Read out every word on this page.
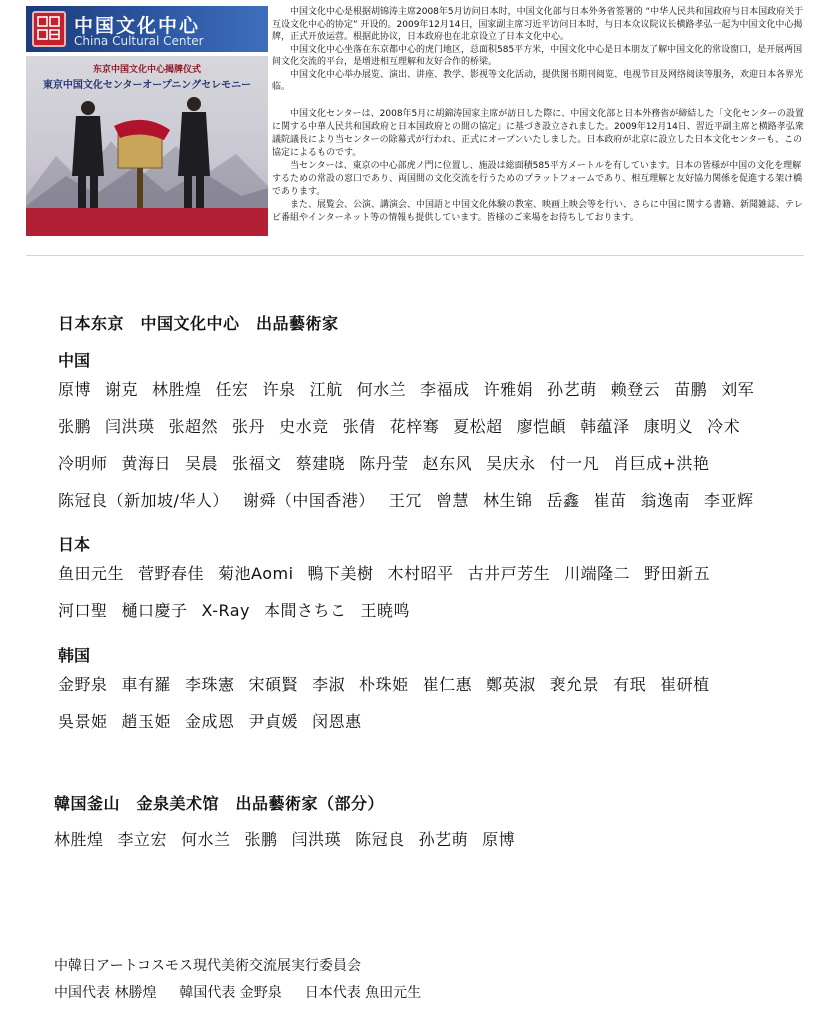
中国文化中心
China Cultural Center
东京中国文化中心揭牌仪式
東京中国文化センターオープニングセレモニー

中国文化中心是根据胡锦涛主席2008年5月访问日本时，中国文化部与日本外务省签署的 “中华人民共和国政府与日本国政府关于互设文化中心的协定” 开设的。2009年12月14日，国家副主席习近平访问日本时，与日本众议院议长横路孝弘一起为中国文化中心揭牌，正式开放运营。根据此协议，日本政府也在北京设立了日本文化中心。

中国文化中心坐落在东京都中心的虎门地区，总面积585平方米，中国文化中心是日本朋友了解中国文化的常设窗口，是开展两国间文化交流的平台，是增进相互理解和友好合作的桥梁。

中国文化中心举办展览、演出、讲座、教学、影视等文化活动，提供图书期刊阅览、电视节目及网络阅读等服务，欢迎日本各界光临。

中国文化センターは、2008年5月に胡錦涛国家主席が訪日した際に、中国文化部と日本外務省が締結した「文化センターの設置に関する中華人民共和国政府と日本国政府との間の協定」に基づき設立されました。2009年12月14日、習近平副主席と横路孝弘衆議院議長により当センターの除幕式が行われ、正式にオープンいたしました。日本政府が北京に設立した日本文化センターも、この協定によるものです。

当センターは、東京の中心部虎ノ門に位置し、施設は総面積585平方メートルを有しています。日本の皆様が中国の文化を理解するための常設の窓口であり、両国間の文化交流を行うためのプラットフォームであり、相互理解と友好協力関係を促進する架け橋であります。

また、展覧会、公演、講演会、中国語と中国文化体験の教室、映画上映会等を行い、さらに中国に関する書籍、新聞雑誌、テレビ番組やインターネット等の情報も提供しています。皆様のご来場をお待ちしております。

日本东京　中国文化中心　出品藝術家
中国
日本
韩国
韓国釜山　金泉美术馆　出品藝術家（部分）
中韓日アートコスモス現代美術交流展実行委員会
中国代表 林勝煌　  韓国代表 金野泉　  日本代表 魚田元生
原博 谢克 林胜煌 任宏 许泉 江航 何水兰 李福成 许雅娟 孙艺萌 赖登云 苗鹏 刘军
张鹏 闫洪瑛 张超然 张丹 史水竞 张倩 花梓骞 夏松超 廖恺頔 韩蕴泽 康明义 冷术
冷明师 黄海日 吴晨 张福文 蔡建晓 陈丹莹 赵东风 吴庆永 付一凡 肖巨成+洪艳
陈冠良（新加坡/华人） 谢舜（中国香港） 王冗 曾慧 林生锦 岳鑫 崔苗 翁逸南 李亚辉
鱼田元生 菅野春佳 菊池Aomi 鴨下美樹 木村昭平 古井戸芳生 川端隆二 野田新五
河口聖 樋口慶子 X-Ray 本間さちこ 王暁鸣
金野泉 車有羅 李珠憲 宋碩賢 李淑 朴珠姫 崔仁惠 鄭英淑 裵允景 有珉 崔研植
吳景姫 趙玉姫 金成恩 尹貞媛 闵恩惠
林胜煌 李立宏 何水兰 张鹏 闫洪瑛 陈冠良 孙艺萌 原博
